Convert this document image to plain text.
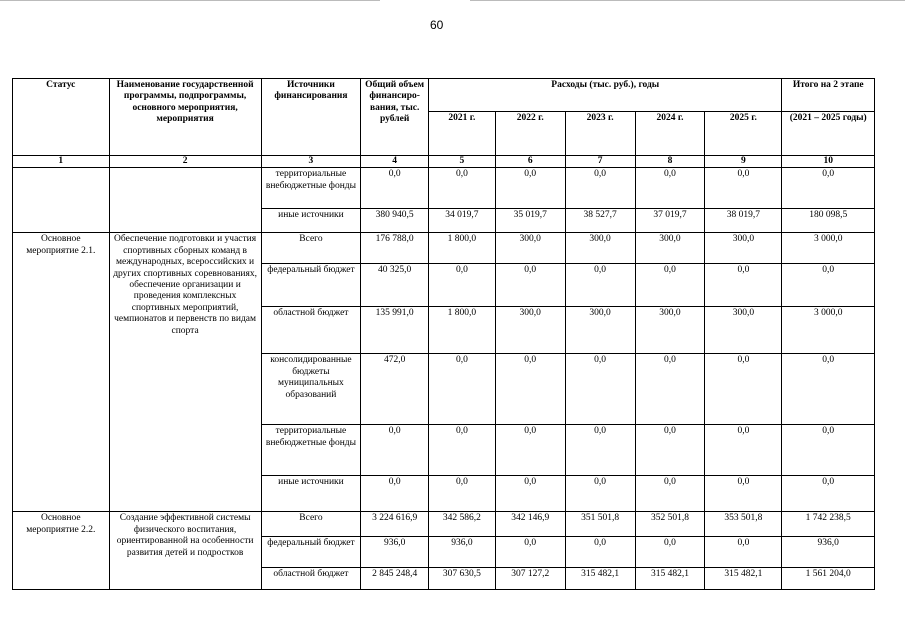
60
Статус	Наименование государственной программы, подпрограммы, основного мероприятия, мероприятия	Источники финансирования	Общий объем финансиро-вания, тыс. рублей	Расходы (тыс. руб.), годы					Итого на 2 этапе
				2021 г.	2022 г.	2023 г.	2024 г.	2025 г.	(2021 – 2025 годы)
1	2	3	4	5	6	7	8	9	10
		территориальные внебюджетные фонды	0,0	0,0	0,0	0,0	0,0	0,0	0,0
		иные источники	380 940,5	34 019,7	35 019,7	38 527,7	37 019,7	38 019,7	180 098,5
Основное мероприятие 2.1.	Обеспечение подготовки и участия спортивных сборных команд в международных, всероссийских и других спортивных соревнованиях, обеспечение организации и проведения комплексных спортивных мероприятий, чемпионатов и первенств по видам спорта	Всего	176 788,0	1 800,0	300,0	300,0	300,0	300,0	3 000,0
		федеральный бюджет	40 325,0	0,0	0,0	0,0	0,0	0,0	0,0
		областной бюджет	135 991,0	1 800,0	300,0	300,0	300,0	300,0	3 000,0
		консолидированные бюджеты муниципальных образований	472,0	0,0	0,0	0,0	0,0	0,0	0,0
		территориальные внебюджетные фонды	0,0	0,0	0,0	0,0	0,0	0,0	0,0
		иные источники	0,0	0,0	0,0	0,0	0,0	0,0	0,0
Основное мероприятие 2.2.	Создание эффективной системы физического воспитания, ориентированной на особенности развития детей и подростков	Всего	3 224 616,9	342 586,2	342 146,9	351 501,8	352 501,8	353 501,8	1 742 238,5
		федеральный бюджет	936,0	936,0	0,0	0,0	0,0	0,0	936,0
		областной бюджет	2 845 248,4	307 630,5	307 127,2	315 482,1	315 482,1	315 482,1	1 561 204,0
